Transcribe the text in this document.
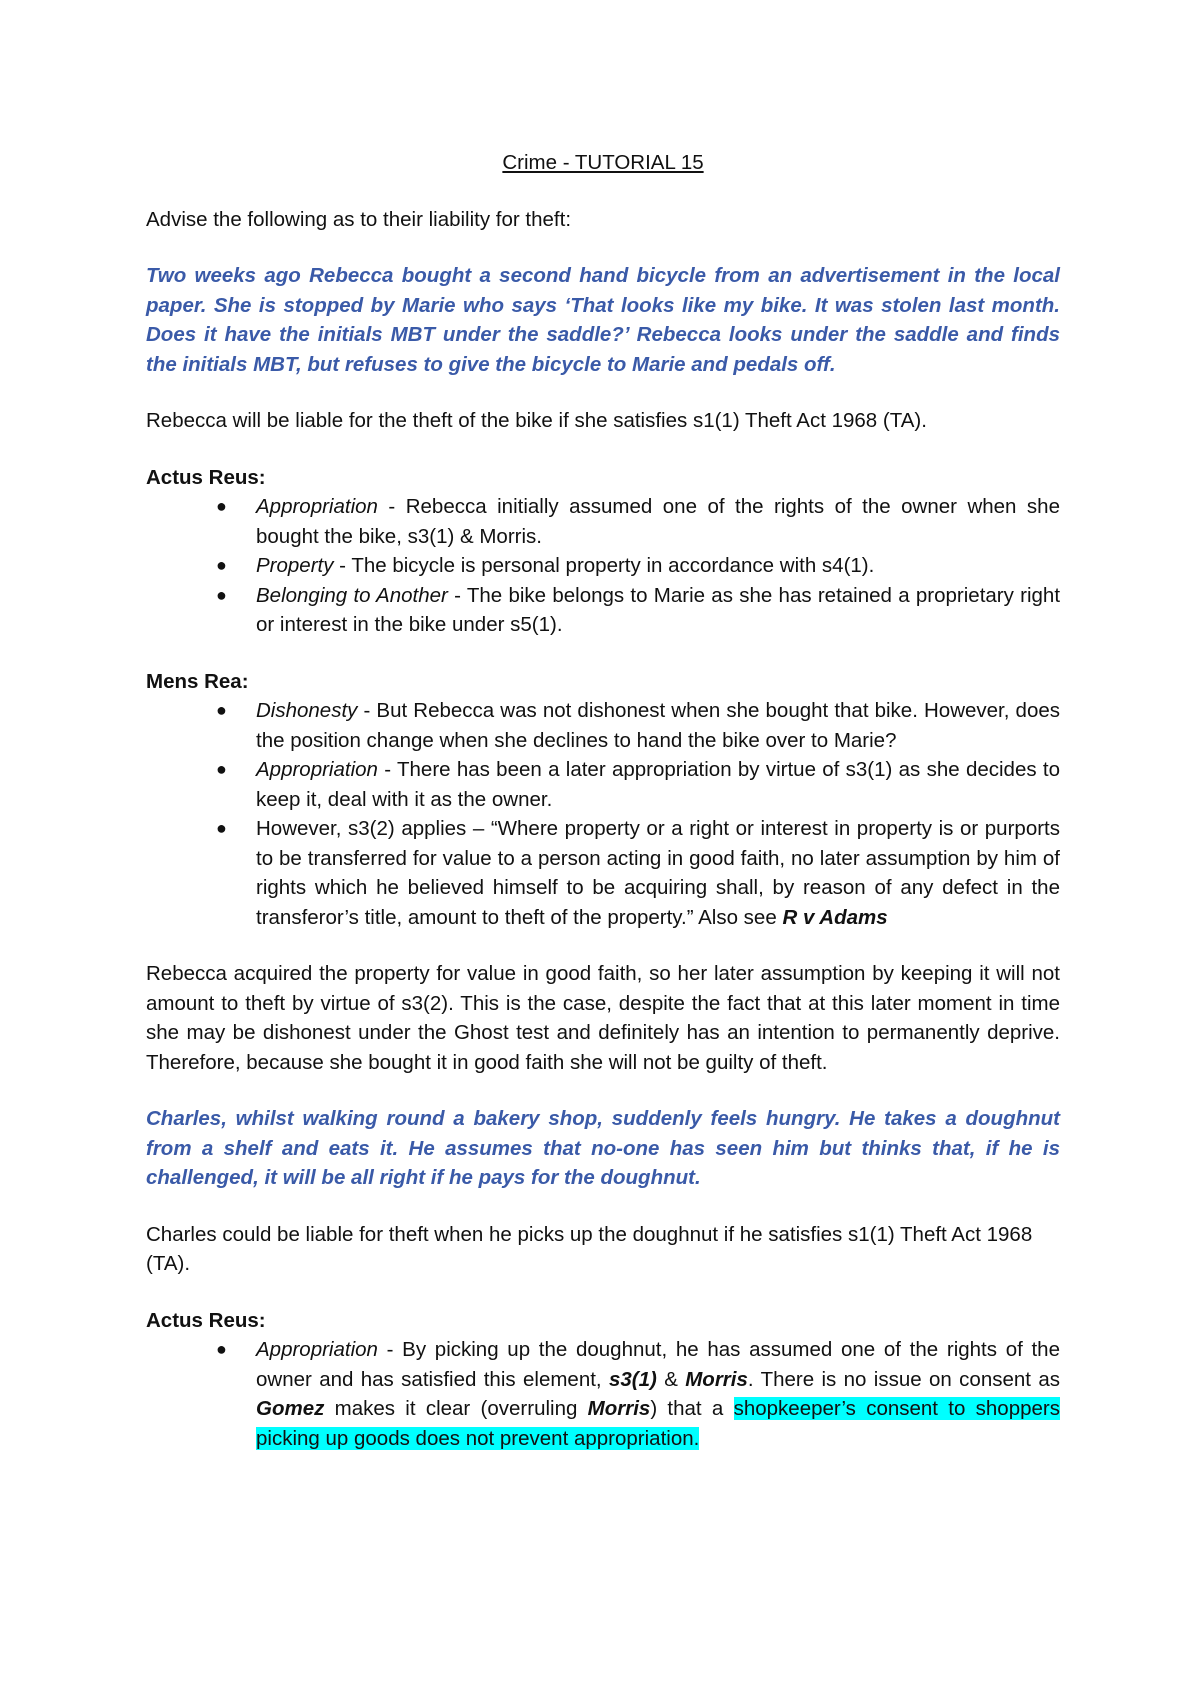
Crime - TUTORIAL 15

Advise the following as to their liability for theft:

Two weeks ago Rebecca bought a second hand bicycle from an advertisement in the local paper. She is stopped by Marie who says ‘That looks like my bike. It was stolen last month. Does it have the initials MBT under the saddle?’ Rebecca looks under the saddle and finds the initials MBT, but refuses to give the bicycle to Marie and pedals off.

Rebecca will be liable for the theft of the bike if she satisfies s1(1) Theft Act 1968 (TA).

Actus Reus:

● Appropriation - Rebecca initially assumed one of the rights of the owner when she bought the bike, s3(1) & Morris.
● Property - The bicycle is personal property in accordance with s4(1).
● Belonging to Another - The bike belongs to Marie as she has retained a proprietary right or interest in the bike under s5(1).

Mens Rea:

● Dishonesty - But Rebecca was not dishonest when she bought that bike. However, does the position change when she declines to hand the bike over to Marie?
● Appropriation - There has been a later appropriation by virtue of s3(1) as she decides to keep it, deal with it as the owner.
● However, s3(2) applies – “Where property or a right or interest in property is or purports to be transferred for value to a person acting in good faith, no later assumption by him of rights which he believed himself to be acquiring shall, by reason of any defect in the transferor’s title, amount to theft of the property.” Also see R v Adams

Rebecca acquired the property for value in good faith, so her later assumption by keeping it will not amount to theft by virtue of s3(2). This is the case, despite the fact that at this later moment in time she may be dishonest under the Ghost test and definitely has an intention to permanently deprive. Therefore, because she bought it in good faith she will not be guilty of theft.

Charles, whilst walking round a bakery shop, suddenly feels hungry. He takes a doughnut from a shelf and eats it. He assumes that no-one has seen him but thinks that, if he is challenged, it will be all right if he pays for the doughnut.

Charles could be liable for theft when he picks up the doughnut if he satisfies s1(1) Theft Act 1968 (TA).

Actus Reus:

● Appropriation - By picking up the doughnut, he has assumed one of the rights of the owner and has satisfied this element, s3(1) & Morris. There is no issue on consent as Gomez makes it clear (overruling Morris) that a shopkeeper’s consent to shoppers picking up goods does not prevent appropriation.
